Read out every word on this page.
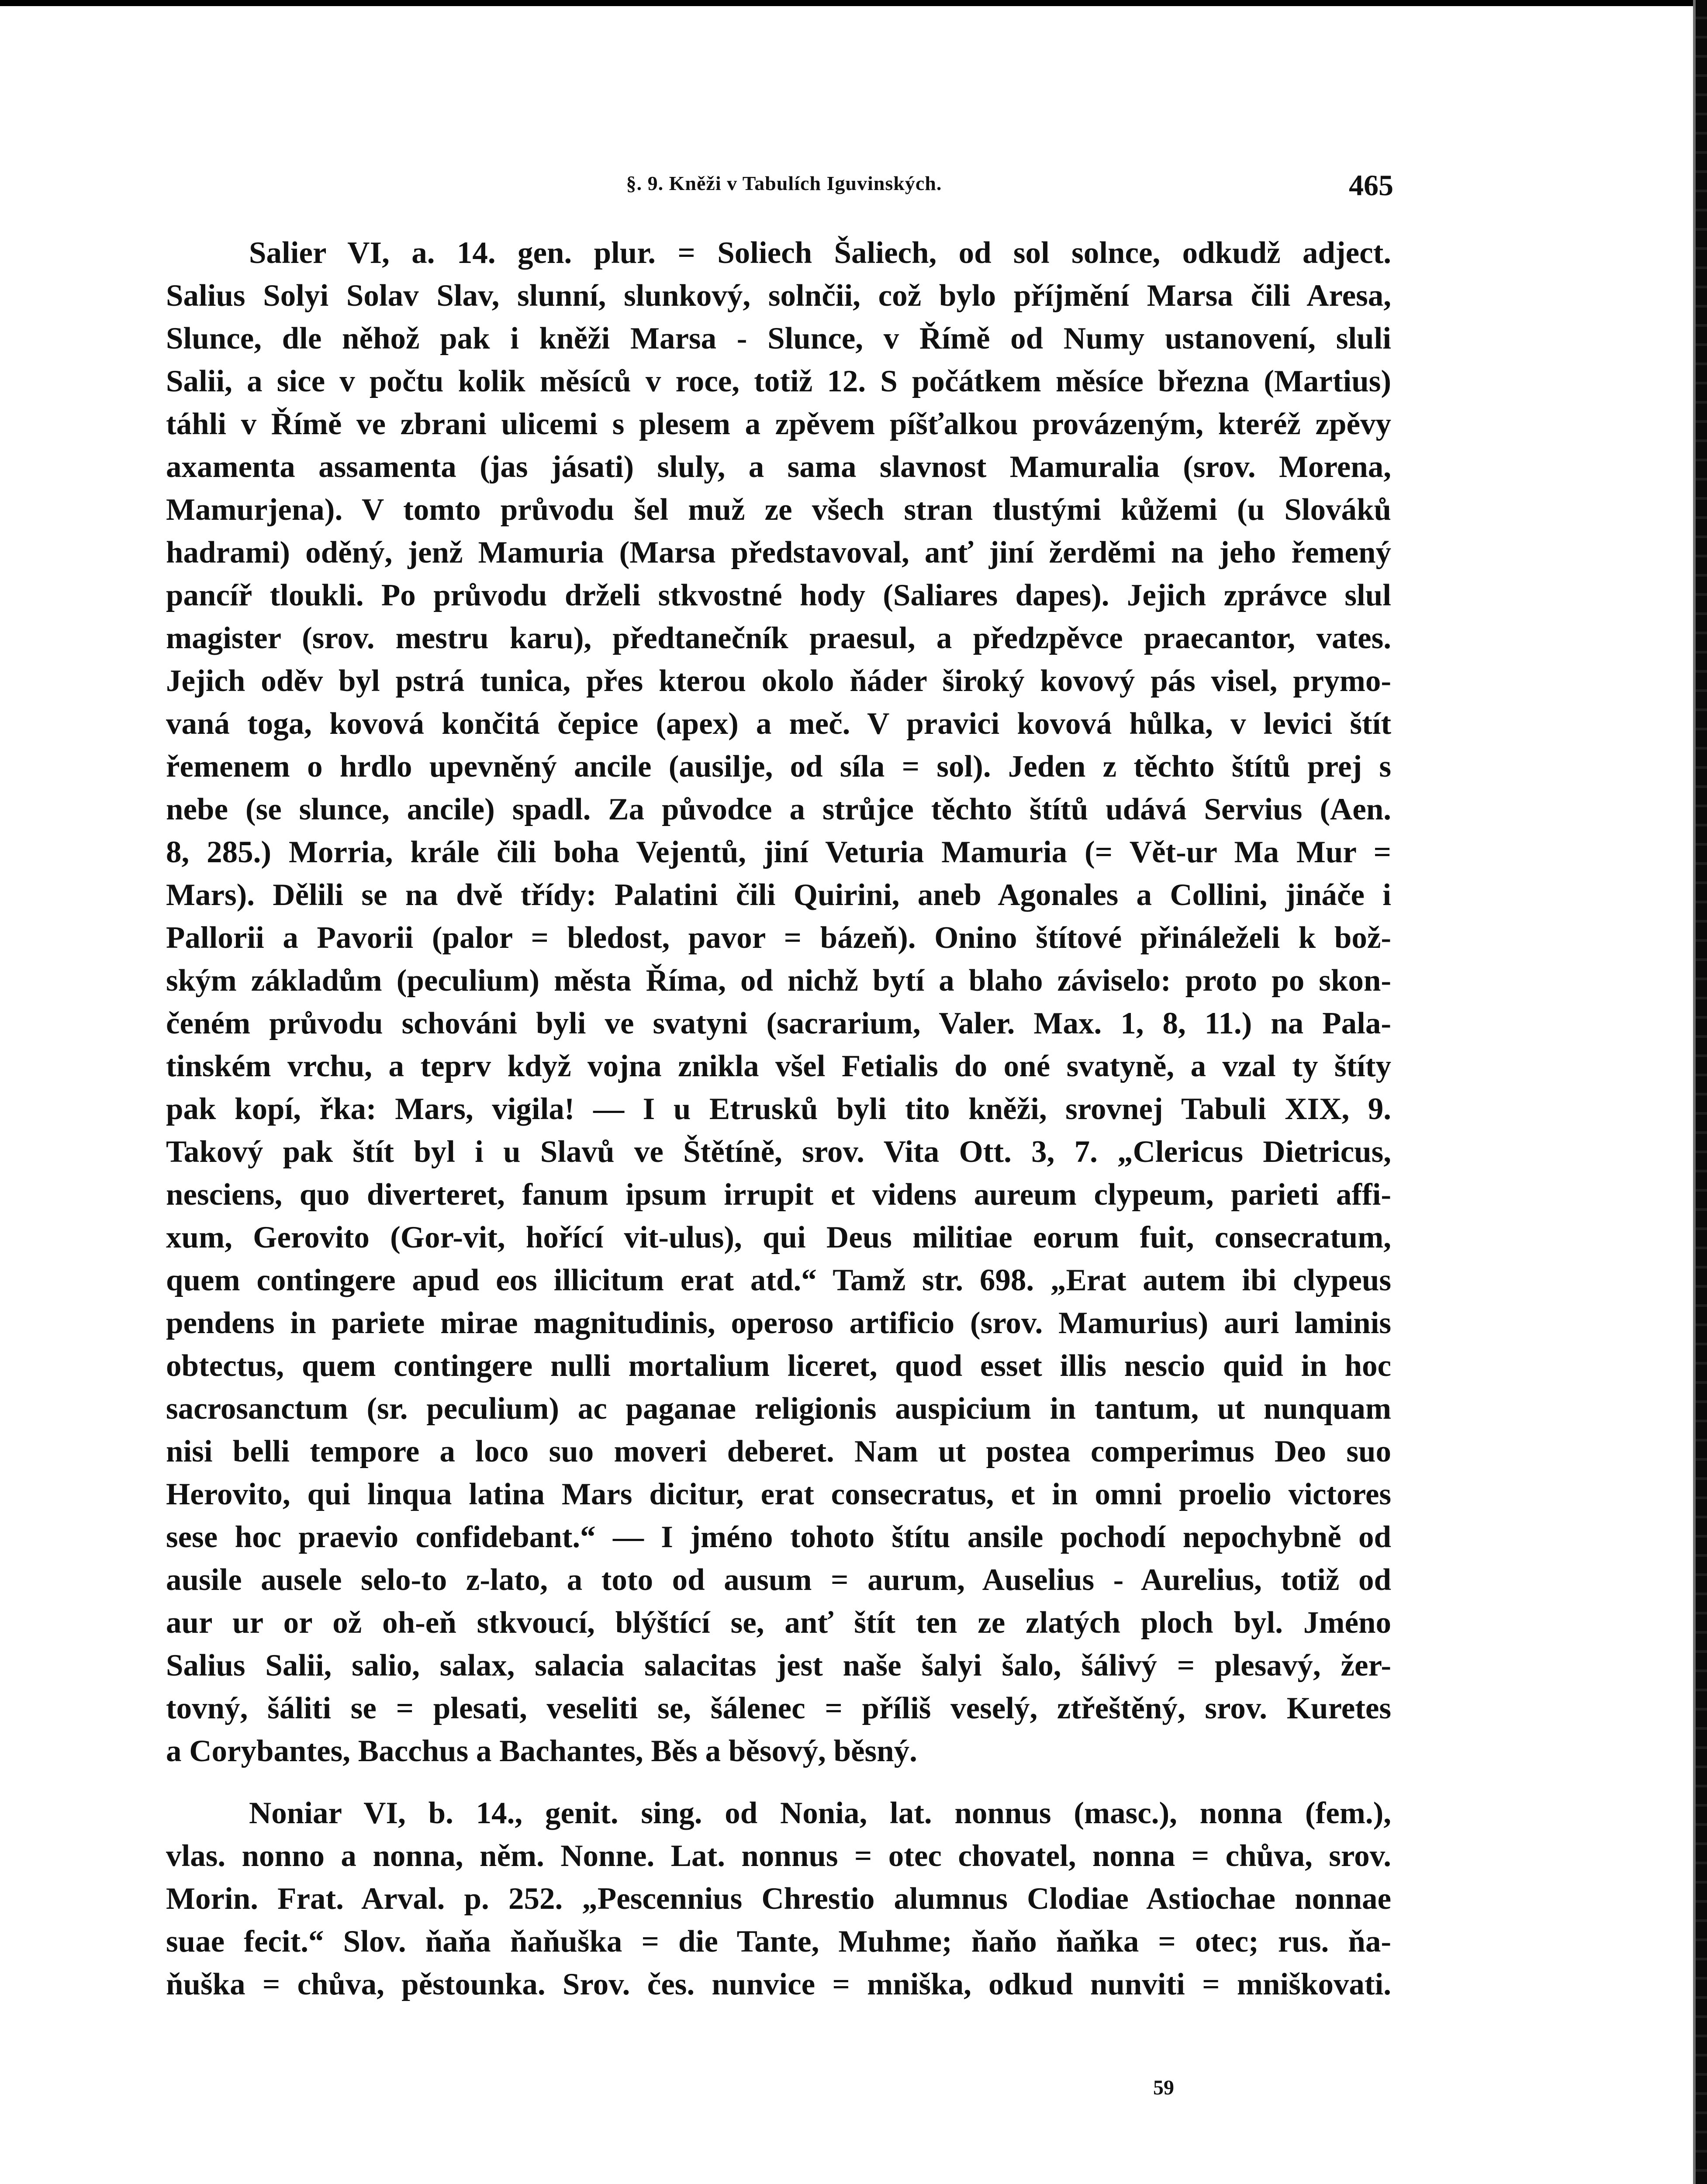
§. 9. Kněži v Tabulích Iguvinských.	465
Salier VI, a. 14. gen. plur. = Soliech Šaliech, od sol solnce, odkudž adject.
Salius Solyi Solav Slav, slunní, slunkový, solnčii, což bylo příjmění Marsa čili Aresa,
Slunce, dle něhož pak i kněži Marsa - Slunce, v Římě od Numy ustanovení, sluli
Salii, a sice v počtu kolik měsíců v roce, totiž 12. S počátkem měsíce března (Martius)
táhli v Římě ve zbrani ulicemi s plesem a zpěvem píšťalkou provázeným, kteréž zpěvy
axamenta assamenta (jas jásati) sluly, a sama slavnost Mamuralia (srov. Morena,
Mamurjena). V tomto průvodu šel muž ze všech stran tlustými kůžemi (u Slováků
hadrami) oděný, jenž Mamuria (Marsa představoval, anť jiní žerděmi na jeho řemený
pancíř tloukli. Po průvodu drželi stkvostné hody (Saliares dapes). Jejich zprávce slul
magister (srov. mestru karu), předtanečník praesul, a předzpěvce praecantor, vates.
Jejich oděv byl pstrá tunica, přes kterou okolo ňáder široký kovový pás visel, prymo-
vaná toga, kovová končitá čepice (apex) a meč. V pravici kovová hůlka, v levici štít
řemenem o hrdlo upevněný ancile (ausilje, od síla = sol). Jeden z těchto štítů prej s
nebe (se slunce, ancile) spadl. Za původce a strůjce těchto štítů udává Servius (Aen.
8, 285.) Morria, krále čili boha Vejentů, jiní Veturia Mamuria (= Vět-ur Ma Mur =
Mars). Dělili se na dvě třídy: Palatini čili Quirini, aneb Agonales a Collini, jináče i
Pallorii a Pavorii (palor = bledost, pavor = bázeň). Onino štítové přináleželi k bož-
ským základům (peculium) města Říma, od nichž bytí a blaho záviselo: proto po skon-
čeném průvodu schováni byli ve svatyni (sacrarium, Valer. Max. 1, 8, 11.) na Pala-
tinském vrchu, a teprv když vojna znikla všel Fetialis do oné svatyně, a vzal ty štíty
pak kopí, řka: Mars, vigila! — I u Etrusků byli tito kněži, srovnej Tabuli XIX, 9.
Takový pak štít byl i u Slavů ve Štětíně, srov. Vita Ott. 3, 7. „Clericus Dietricus,
nesciens, quo diverteret, fanum ipsum irrupit et videns aureum clypeum, parieti affi-
xum, Gerovito (Gor-vit, hořící vit-ulus), qui Deus militiae eorum fuit, consecratum,
quem contingere apud eos illicitum erat atd.“ Tamž str. 698. „Erat autem ibi clypeus
pendens in pariete mirae magnitudinis, operoso artificio (srov. Mamurius) auri laminis
obtectus, quem contingere nulli mortalium liceret, quod esset illis nescio quid in hoc
sacrosanctum (sr. peculium) ac paganae religionis auspicium in tantum, ut nunquam
nisi belli tempore a loco suo moveri deberet. Nam ut postea comperimus Deo suo
Herovito, qui linqua latina Mars dicitur, erat consecratus, et in omni proelio victores
sese hoc praevio confidebant.“ — I jméno tohoto štítu ansile pochodí nepochybně od
ausile ausele selo-to z-lato, a toto od ausum = aurum, Auselius - Aurelius, totiž od
aur ur or ož oh-eň stkvoucí, blýštící se, anť štít ten ze zlatých ploch byl. Jméno
Salius Salii, salio, salax, salacia salacitas jest naše šalyi šalo, šálivý = plesavý, žer-
tovný, šáliti se = plesati, veseliti se, šálenec = příliš veselý, ztřeštěný, srov. Kuretes
a Corybantes, Bacchus a Bachantes, Běs a běsový, běsný.
Noniar VI, b. 14., genit. sing. od Nonia, lat. nonnus (masc.), nonna (fem.),
vlas. nonno a nonna, něm. Nonne. Lat. nonnus = otec chovatel, nonna = chůva, srov.
Morin. Frat. Arval. p. 252. „Pescennius Chrestio alumnus Clodiae Astiochae nonnae
suae fecit.“ Slov. ňaňa ňaňuška = die Tante, Muhme; ňaňo ňaňka = otec; rus. ňa-
ňuška = chůva, pěstounka. Srov. čes. nunvice = mniška, odkud nunviti = mniškovati.
59
